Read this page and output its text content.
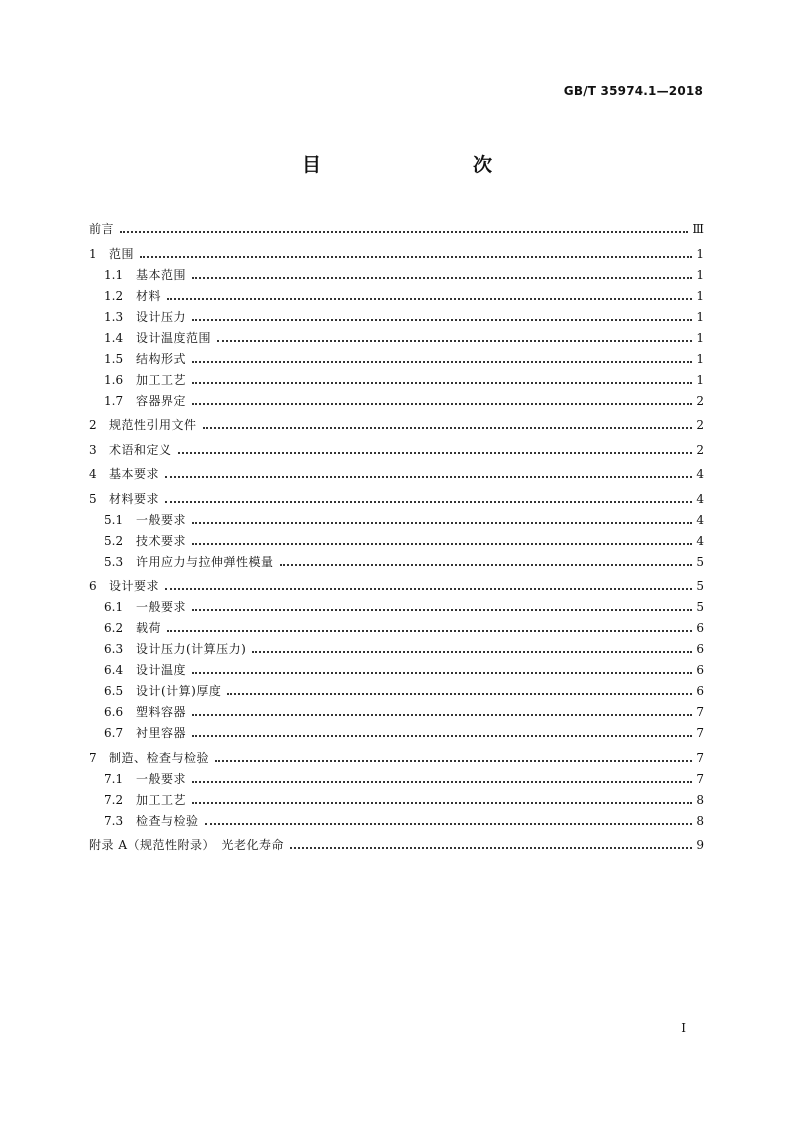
GB/T 35974.1—2018
目　　次
前言	Ⅲ
1	范围	1
1.1 基本范围	1
1.2 材料	1
1.3 设计压力	1
1.4 设计温度范围	1
1.5 结构形式	1
1.6 加工工艺	1
1.7 容器界定	2
2	规范性引用文件	2
3	术语和定义	2
4	基本要求	4
5	材料要求	4
5.1 一般要求	4
5.2 技术要求	4
5.3 许用应力与拉伸弹性模量	5
6	设计要求	5
6.1 一般要求	5
6.2 载荷	6
6.3 设计压力(计算压力)	6
6.4 设计温度	6
6.5 设计(计算)厚度	6
6.6 塑料容器	7
6.7 衬里容器	7
7	制造、检查与检验	7
7.1 一般要求	7
7.2 加工工艺	8
7.3 检查与检验	8
附录 A（规范性附录）　光老化寿命	9
I
